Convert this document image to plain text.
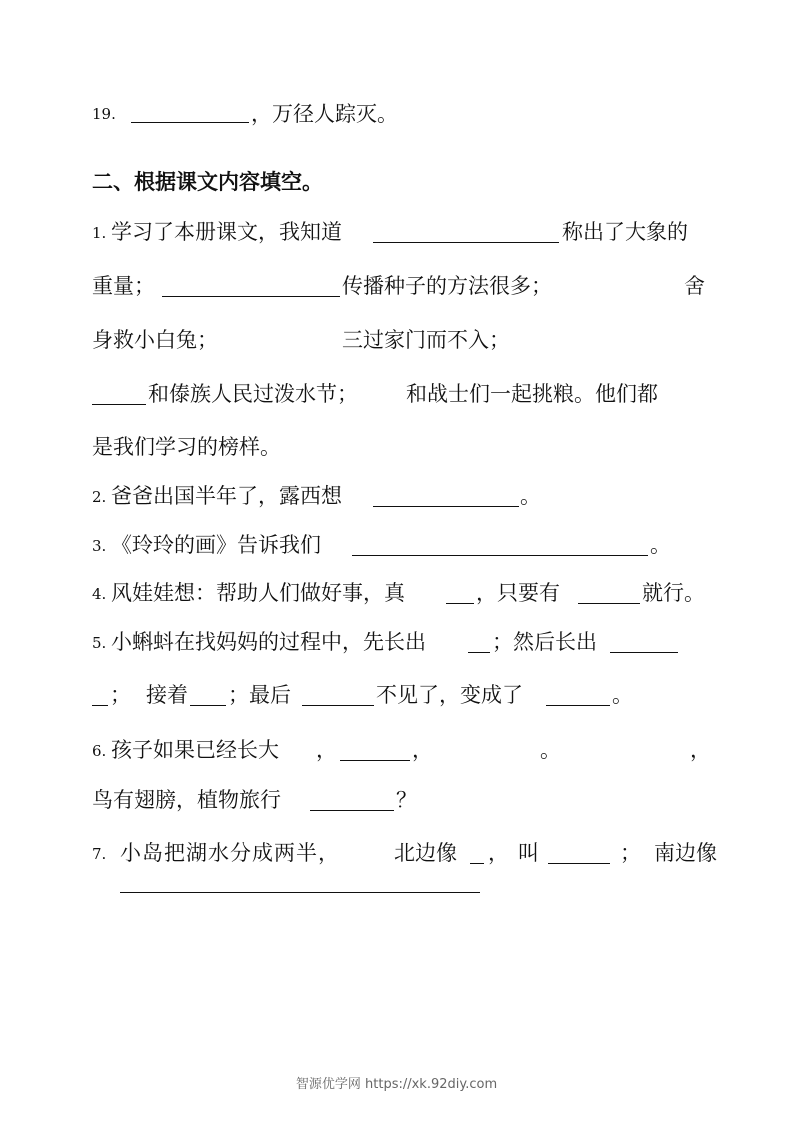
19.	，万径人踪灭。
二、根据课文内容填空。
1. 学习了本册课文，我知道	称出了大象的
重量；	传播种子的方法很多；	舍
身救小白兔；	三过家门而不入；
和傣族人民过泼水节； 和战士们一起挑粮。他们都
是我们学习的榜样。
2. 爸爸出国半年了，露西想	。
3. 《玲玲的画》告诉我们	。
4. 风娃娃想：帮助人们做好事，真	，只要有	就行。
5. 小蝌蚪在找妈妈的过程中，先长出	；然后长出
； 接着 ；最后	不见了，变成了	。
6. 孩子如果已经长大 ，	，	。	，
鸟有翅膀，植物旅行	？
7. 小岛把湖水分成两半，	北边像 ， 叫	； 南边像
智源优学网 https://xk.92diy.com
